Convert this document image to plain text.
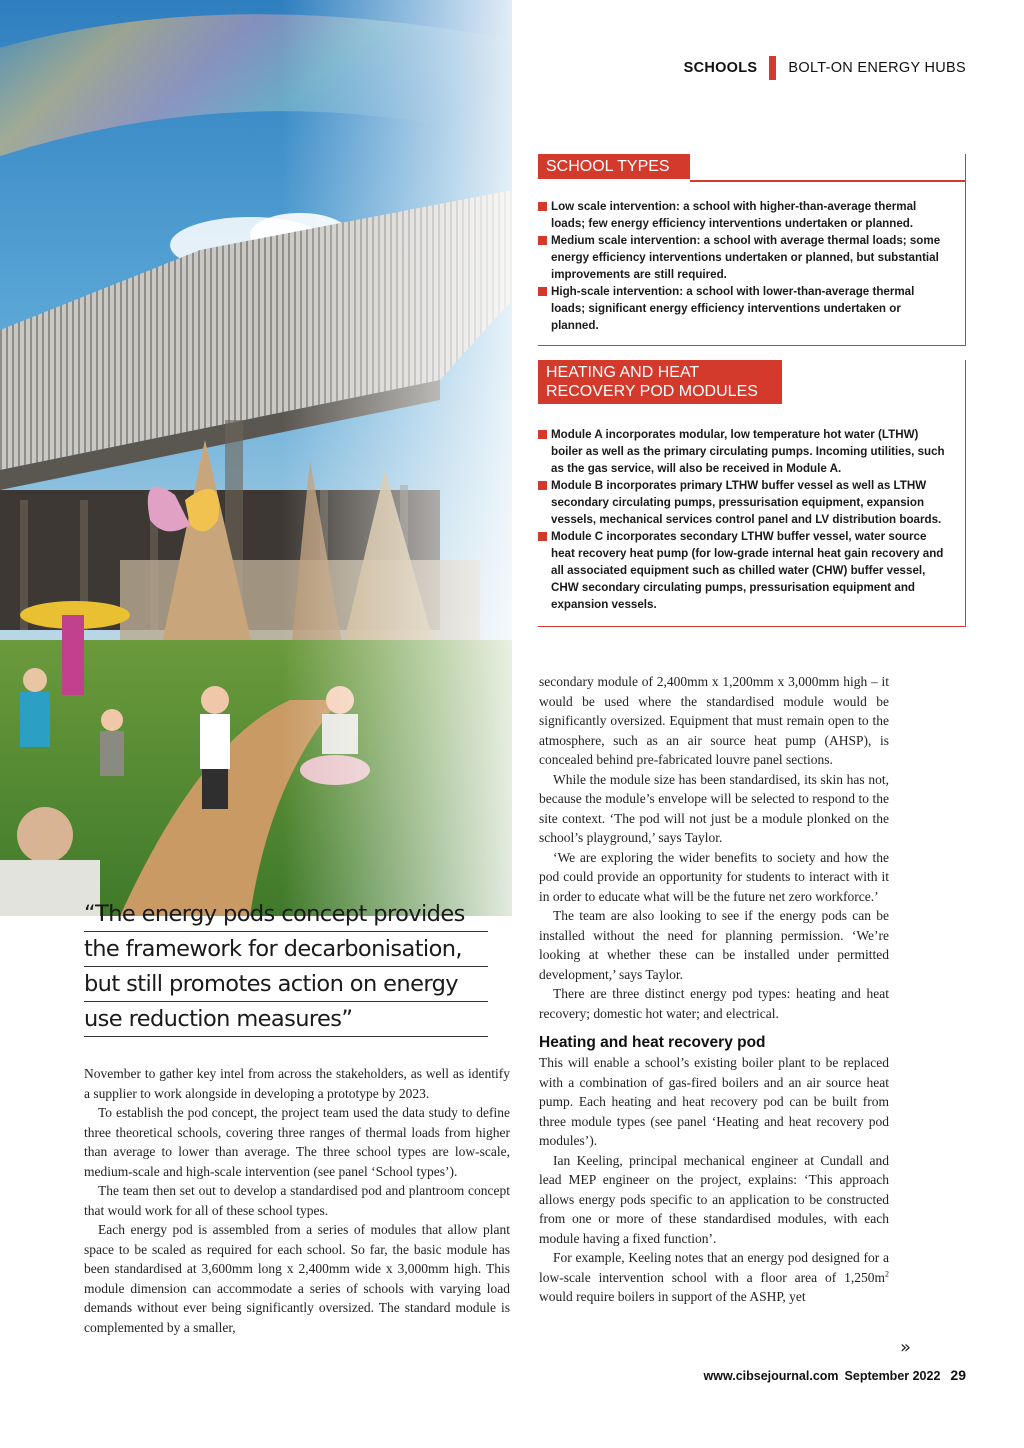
SCHOOLS BOLT-ON ENERGY HUBS
SCHOOL TYPES
Low scale intervention: a school with higher-than-average thermal loads; few energy efficiency interventions undertaken or planned.
Medium scale intervention: a school with average thermal loads; some energy efficiency interventions undertaken or planned, but substantial improvements are still required.
High-scale intervention: a school with lower-than-average thermal loads; significant energy efficiency interventions undertaken or planned.
HEATING AND HEAT
RECOVERY POD MODULES
Module A incorporates modular, low temperature hot water (LTHW) boiler as well as the primary circulating pumps. Incoming utilities, such as the gas service, will also be received in Module A.
Module B incorporates primary LTHW buffer vessel as well as LTHW secondary circulating pumps, pressurisation equipment, expansion vessels, mechanical services control panel and LV distribution boards.
Module C incorporates secondary LTHW buffer vessel, water source heat recovery heat pump (for low-grade internal heat gain recovery and all associated equipment such as chilled water (CHW) buffer vessel, CHW secondary circulating pumps, pressurisation equipment and expansion vessels.
“The energy pods concept provides
the framework for decarbonisation,
but still promotes action on energy
use reduction measures”

November to gather key intel from across the stakeholders, as well as identify a supplier to work alongside in developing a prototype by 2023.

To establish the pod concept, the project team used the data study to define three theoretical schools, covering three ranges of thermal loads from higher than average to lower than average. The three school types are low-scale, medium-scale and high-scale intervention (see panel ‘School types’).

The team then set out to develop a standardised pod and plantroom concept that would work for all of these school types.

Each energy pod is assembled from a series of modules that allow plant space to be scaled as required for each school. So far, the basic module has been standardised at 3,600mm long x 2,400mm wide x 3,000mm high. This module dimension can accommodate a series of schools with varying load demands without ever being significantly oversized. The standard module is complemented by a smaller,

secondary module of 2,400mm x 1,200mm x 3,000mm high – it would be used where the standardised module would be significantly oversized. Equipment that must remain open to the atmosphere, such as an air source heat pump (AHSP), is concealed behind pre-fabricated louvre panel sections.

While the module size has been standardised, its skin has not, because the module’s envelope will be selected to respond to the site context. ‘The pod will not just be a module plonked on the school’s playground,’ says Taylor.

‘We are exploring the wider benefits to society and how the pod could provide an opportunity for students to interact with it in order to educate what will be the future net zero workforce.’

The team are also looking to see if the energy pods can be installed without the need for planning permission. ‘We’re looking at whether these can be installed under permitted development,’ says Taylor.

There are three distinct energy pod types: heating and heat recovery; domestic hot water; and electrical.

Heating and heat recovery pod

This will enable a school’s existing boiler plant to be replaced with a combination of gas-fired boilers and an air source heat pump. Each heating and heat recovery pod can be built from three module types (see panel ‘Heating and heat recovery pod modules’).

Ian Keeling, principal mechanical engineer at Cundall and lead MEP engineer on the project, explains: ‘This approach allows energy pods specific to an application to be constructed from one or more of these standardised modules, with each module having a fixed function’.

For example, Keeling notes that an energy pod designed for a low-scale intervention school with a floor area of $1,250m^2$ would require boilers in support of the ASHP, yet

»
www.cibsejournal.com September 2022 29
